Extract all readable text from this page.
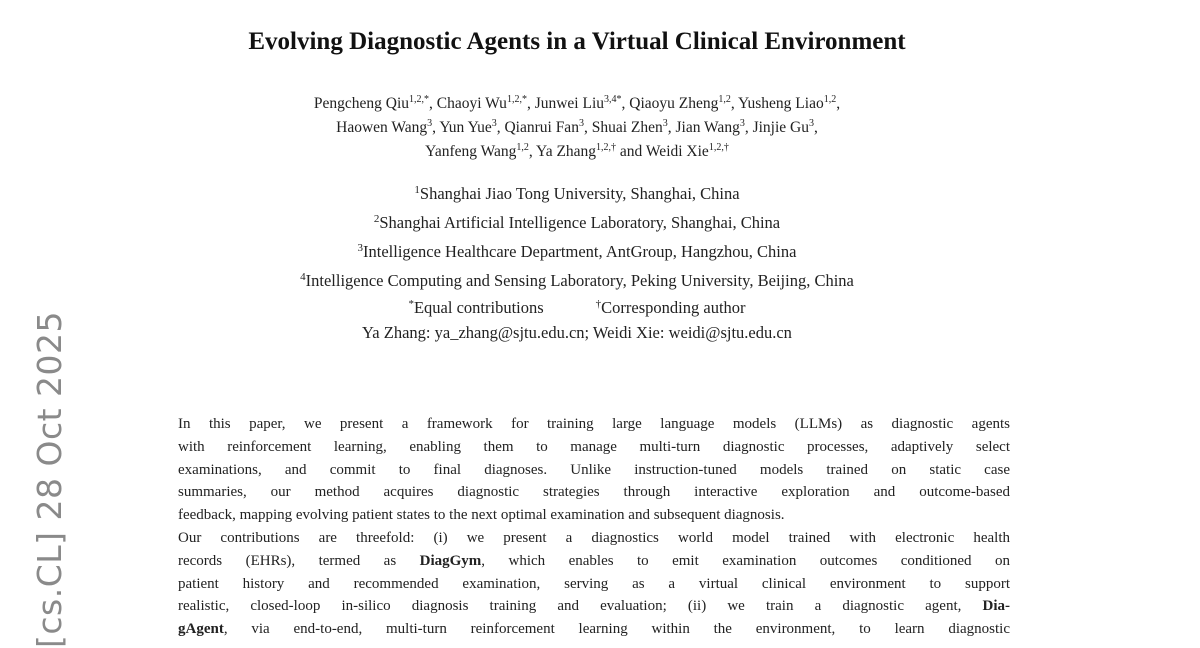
[cs.CL] 28 Oct 2025
Evolving Diagnostic Agents in a Virtual Clinical Environment
Pengcheng Qiu$^{1,2,*}$, Chaoyi $Wu^{1,2,*}$, Junwei Liu$^{3,4*}$, Qiaoyu Zheng$^{1,2}$, Yusheng Liao$^{1,2}$,
Haowen Wang$^3$, Yun Yue$^3$, Qianrui Fan$^3$, Shuai Zhen$^3$, Jian Wang$^3$, Jinjie Gu$^3$,
Yanfeng Wang$^{1,2}$, Ya Zhang$^{1,2,\dagger}$ and Weidi Xie$^{1,2,\dagger}$
$^1$Shanghai Jiao Tong University, Shanghai, China
$^2$Shanghai Artificial Intelligence Laboratory, Shanghai, China
$^3$Intelligence Healthcare Department, AntGroup, Hangzhou, China
$^4$Intelligence Computing and Sensing Laboratory, Peking University, Beijing, China
*Equal contributions	†Corresponding author
Ya Zhang: ya_zhang@sjtu.edu.cn; Weidi Xie: weidi@sjtu.edu.cn
In this paper, we present a framework for training large language models (LLMs) as diagnostic agents
with reinforcement learning, enabling them to manage multi-turn diagnostic processes, adaptively select
examinations, and commit to final diagnoses. Unlike instruction-tuned models trained on static case
summaries, our method acquires diagnostic strategies through interactive exploration and outcome-based
feedback, mapping evolving patient states to the next optimal examination and subsequent diagnosis.
Our contributions are threefold: (i) we present a diagnostics world model trained with electronic health
records (EHRs), termed as DiagGym, which enables to emit examination outcomes conditioned on
patient history and recommended examination, serving as a virtual clinical environment to support
realistic, closed-loop in-silico diagnosis training and evaluation; (ii) we train a diagnostic agent, Dia-
gAgent, via end-to-end, multi-turn reinforcement learning within the environment, to learn diagnostic
